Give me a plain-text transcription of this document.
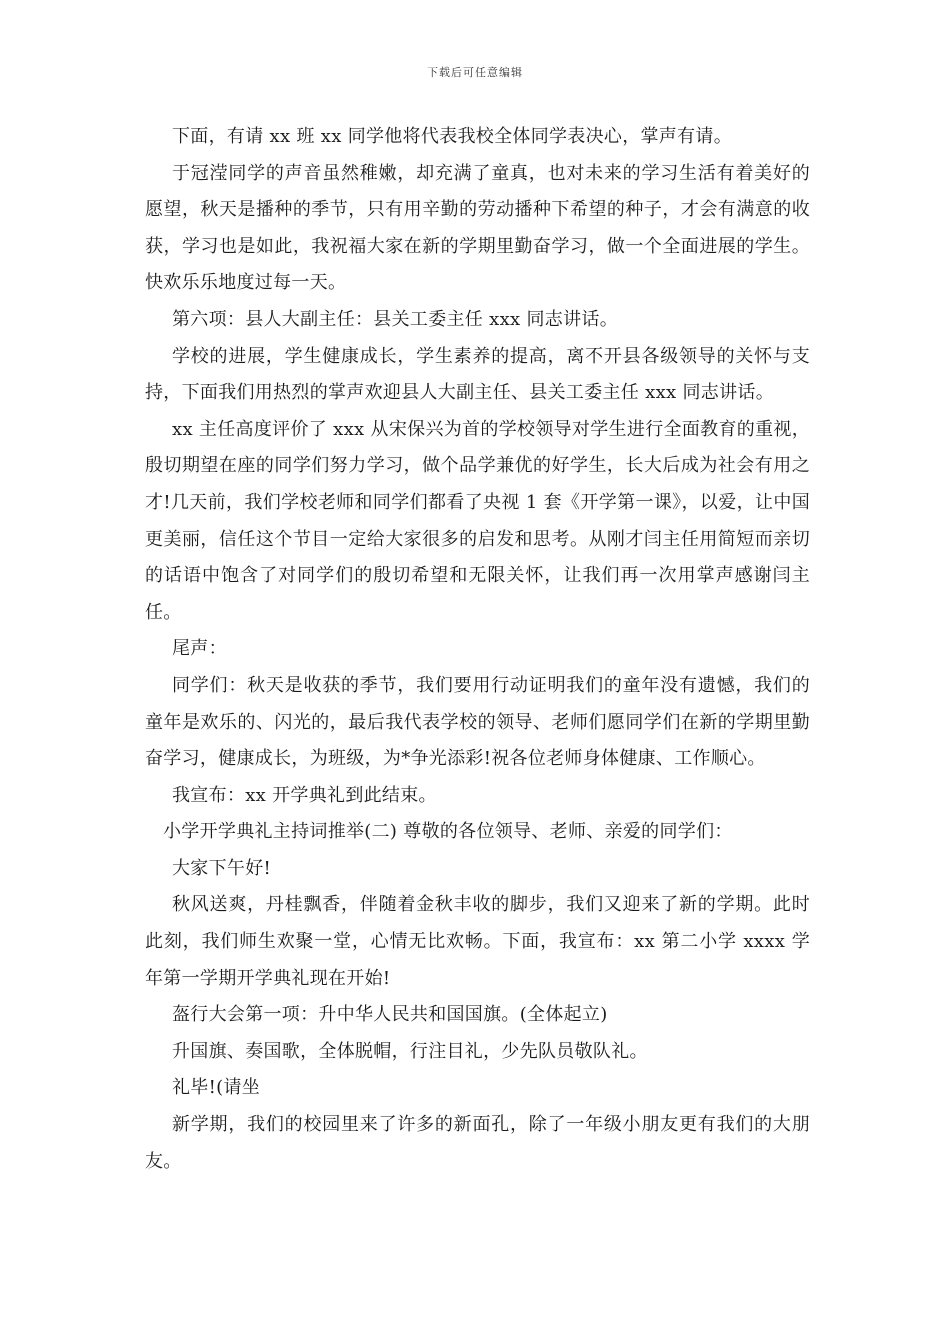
下载后可任意编辑

下面，有请 xx 班 xx 同学他将代表我校全体同学表决心，掌声有请。

于冠滢同学的声音虽然稚嫩，却充满了童真，也对未来的学习生活有着美好的愿望，秋天是播种的季节，只有用辛勤的劳动播种下希望的种子，才会有满意的收获，学习也是如此，我祝福大家在新的学期里勤奋学习，做一个全面进展的学生。快欢乐乐地度过每一天。

第六项：县人大副主任：县关工委主任 xxx 同志讲话。

学校的进展，学生健康成长，学生素养的提高，离不开县各级领导的关怀与支持，下面我们用热烈的掌声欢迎县人大副主任、县关工委主任 xxx 同志讲话。

xx 主任高度评价了 xxx 从宋保兴为首的学校领导对学生进行全面教育的重视，殷切期望在座的同学们努力学习，做个品学兼优的好学生，长大后成为社会有用之才!几天前，我们学校老师和同学们都看了央视 1 套《开学第一课》，以爱，让中国更美丽，信任这个节目一定给大家很多的启发和思考。从刚才闫主任用简短而亲切的话语中饱含了对同学们的殷切希望和无限关怀，让我们再一次用掌声感谢闫主任。

尾声：

同学们：秋天是收获的季节，我们要用行动证明我们的童年没有遗憾，我们的童年是欢乐的、闪光的，最后我代表学校的领导、老师们愿同学们在新的学期里勤奋学习，健康成长，为班级，为*争光添彩!祝各位老师身体健康、工作顺心。

我宣布：xx 开学典礼到此结束。

小学开学典礼主持词推举(二) 尊敬的各位领导、老师、亲爱的同学们：

大家下午好!

秋风送爽，丹桂飘香，伴随着金秋丰收的脚步，我们又迎来了新的学期。此时此刻，我们师生欢聚一堂，心情无比欢畅。下面，我宣布：xx 第二小学 xxxx 学年第一学期开学典礼现在开始!

盔行大会第一项：升中华人民共和国国旗。(全体起立)

升国旗、奏国歌，全体脱帽，行注目礼，少先队员敬队礼。

礼毕!(请坐

新学期，我们的校园里来了许多的新面孔，除了一年级小朋友更有我们的大朋友。
